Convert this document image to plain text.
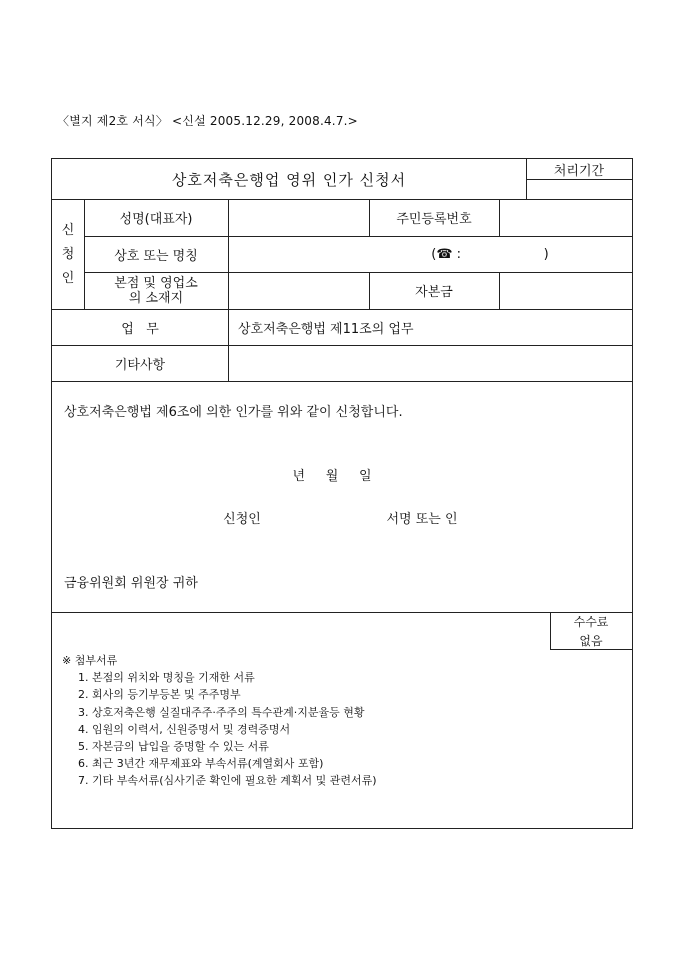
〈별지 제2호 서식〉 <신설 2005.12.29, 2008.4.7.>
상호저축은행업 영위 인가 신청서	처리기간
신
청
인
성명(대표자)	주민등록번호
상호 또는 명칭	(☎ :                    )
본점 및 영업소의 소재지	자본금
업   무	상호저축은행법 제11조의 업무
기타사항
상호저축은행법 제6조에 의한 인가를 위와 같이 신청합니다.
년     월     일
신청인	서명 또는 인
금융위원회 위원장 귀하
수수료
없음
※ 첨부서류
1. 본점의 위치와 명칭을 기재한 서류
2. 회사의 등기부등본 및 주주명부
3. 상호저축은행 실질대주주·주주의 특수관계·지분율등 현황
4. 임원의 이력서, 신원증명서 및 경력증명서
5. 자본금의 납입을 증명할 수 있는 서류
6. 최근 3년간 재무제표와 부속서류(계열회사 포함)
7. 기타 부속서류(심사기준 확인에 필요한 계획서 및 관련서류)
